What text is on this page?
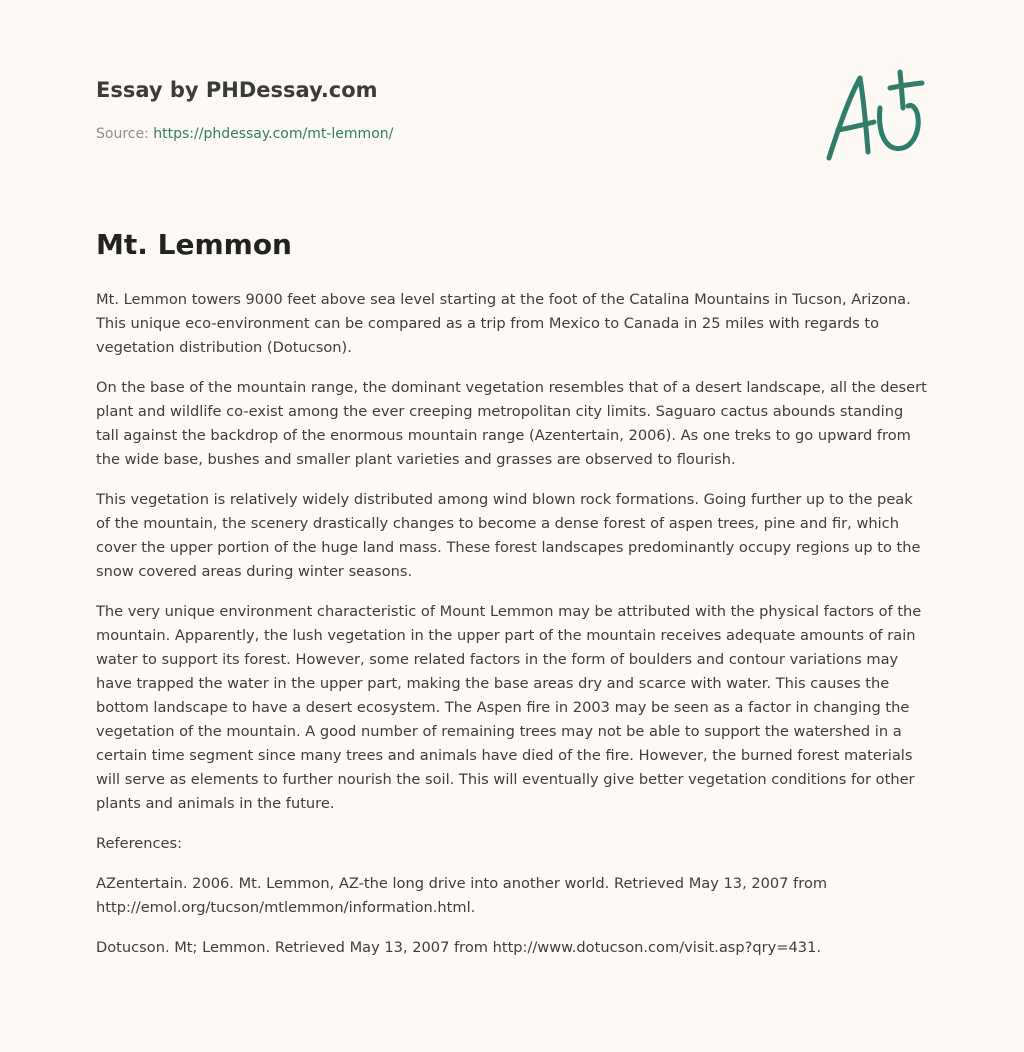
Essay by PHDessay.com
Source: https://phdessay.com/mt-lemmon/
Mt. Lemmon

Mt. Lemmon towers 9000 feet above sea level starting at the foot of the Catalina Mountains in Tucson, Arizona. This unique eco-environment can be compared as a trip from Mexico to Canada in 25 miles with regards to vegetation distribution (Dotucson).

On the base of the mountain range, the dominant vegetation resembles that of a desert landscape, all the desert plant and wildlife co-exist among the ever creeping metropolitan city limits. Saguaro cactus abounds standing tall against the backdrop of the enormous mountain range (Azentertain, 2006). As one treks to go upward from the wide base, bushes and smaller plant varieties and grasses are observed to flourish.

This vegetation is relatively widely distributed among wind blown rock formations. Going further up to the peak of the mountain, the scenery drastically changes to become a dense forest of aspen trees, pine and fir, which cover the upper portion of the huge land mass. These forest landscapes predominantly occupy regions up to the snow covered areas during winter seasons.

The very unique environment characteristic of Mount Lemmon may be attributed with the physical factors of the mountain. Apparently, the lush vegetation in the upper part of the mountain receives adequate amounts of rain water to support its forest. However, some related factors in the form of boulders and contour variations may have trapped the water in the upper part, making the base areas dry and scarce with water. This causes the bottom landscape to have a desert ecosystem. The Aspen fire in 2003 may be seen as a factor in changing the vegetation of the mountain. A good number of remaining trees may not be able to support the watershed in a certain time segment since many trees and animals have died of the fire. However, the burned forest materials will serve as elements to further nourish the soil. This will eventually give better vegetation conditions for other plants and animals in the future.

References:

AZentertain. 2006. Mt. Lemmon, AZ-the long drive into another world. Retrieved May 13, 2007 from http://emol.org/tucson/mtlemmon/information.html.

Dotucson. Mt; Lemmon. Retrieved May 13, 2007 from http://www.dotucson.com/visit.asp?qry=431.
